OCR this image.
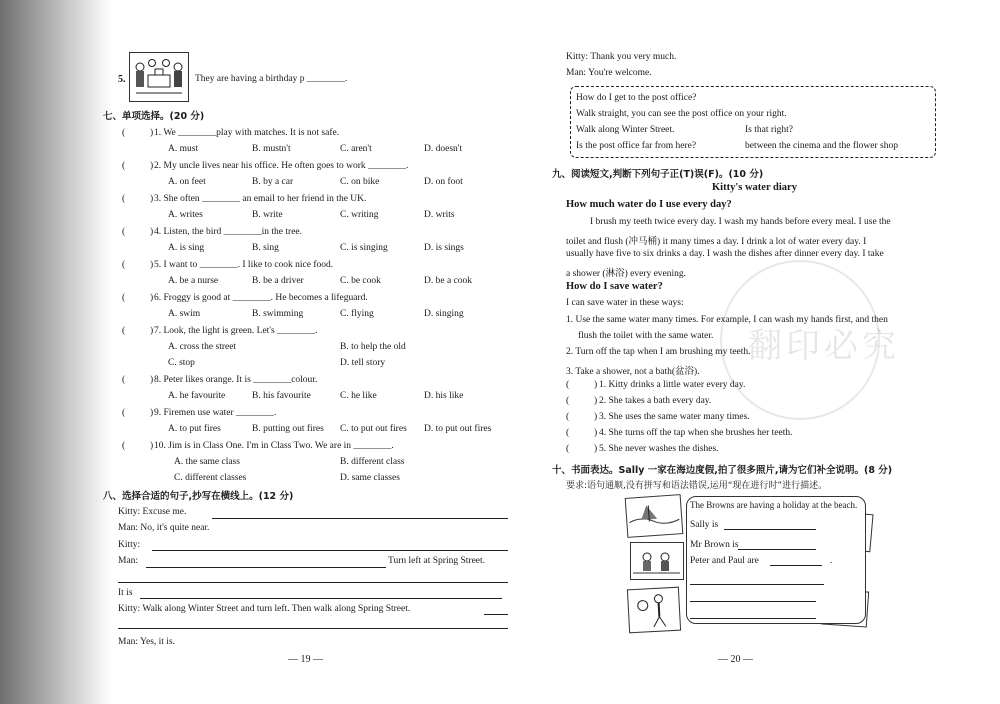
5.	They are having a birthday p ________.
七、单项选择。(20 分)
(	) 1. We ________play with matches. It is not safe.
A. must	B. mustn't	C. aren't	D. doesn't
(	) 2. My uncle lives near his office. He often goes to work ________.
A. on feet	B. by a car	C. on bike	D. on foot
(	) 3. She often ________ an email to her friend in the UK.
A. writes	B. write	C. writing	D. writs
(	) 4. Listen, the bird ________in the tree.
A. is sing	B. sing	C. is singing	D. is sings
(	) 5. I want to ________. I like to cook nice food.
A. be a nurse	B. be a driver	C. be cook	D. be a cook
(	) 6. Froggy is good at ________. He becomes a lifeguard.
A. swim	B. swimming	C. flying	D. singing
(	) 7. Look, the light is green. Let's ________.
A. cross the street	B. to help the old
C. stop	D. tell story
(	) 8. Peter likes orange. It is ________colour.
A. he favourite	B. his favourite	C. he like	D. his like
(	) 9. Firemen use water ________.
A. to put fires	B. putting out fires C. to put out fires D. to put out fires
(	) 10. Jim is in Class One. I'm in Class Two. We are in ________.
A. the same class	B. different class
C. different classes	D. same classes
八、选择合适的句子,抄写在横线上。(12 分)
Kitty: Excuse me.
Man: No, it's quite near.
Kitty:
Man:	Turn left at Spring Street.
It is
Kitty: Walk along Winter Street and turn left. Then walk along Spring Street.
Man: Yes, it is.
— 19 —
Kitty: Thank you very much.
Man: You're welcome.
How do I get to the post office?
Walk straight, you can see the post office on your right.
Walk along Winter Street.	Is that right?
Is the post office far from here?	between the cinema and the flower shop
九、阅读短文,判断下列句子正(T)误(F)。(10 分)
Kitty's water diary
How much water do I use every day?
I brush my teeth twice every day. I wash my hands before every meal. I use the
toilet and flush (冲马桶) it many times a day. I drink a lot of water every day. I
usually have five to six drinks a day. I wash the dishes after dinner every day. I take
a shower (淋浴) every evening.
How do I save water?
I can save water in these ways:
1. Use the same water many times. For example, I can wash my hands first, and then
flush the toilet with the same water.
2. Turn off the tap when I am brushing my teeth.
3. Take a shower, not a bath(盆浴).
(	) 1. Kitty drinks a little water every day.
(	) 2. She takes a bath every day.
(	) 3. She uses the same water many times.
(	) 4. She turns off the tap when she brushes her teeth.
(	) 5. She never washes the dishes.
十、书面表达。Sally 一家在海边度假,拍了很多照片,请为它们补全说明。(8 分)
要求:语句通顺,没有拼写和语法错误,运用“现在进行时”进行描述。
The Browns are having a holiday at the beach.
Sally is
Mr Brown is
Peter and Paul are	.
— 20 —
翻印必究
